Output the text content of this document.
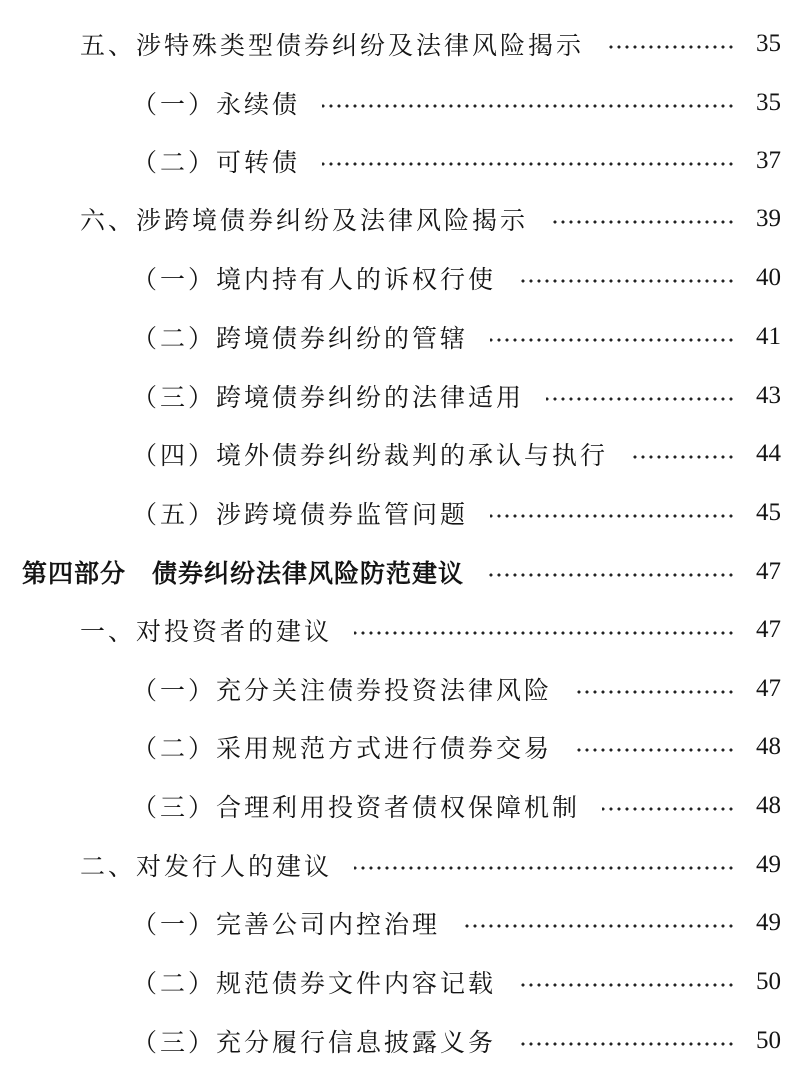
五、涉特殊类型债券纠纷及法律风险揭示	35
（一）永续债	35
（二）可转债	37
六、涉跨境债券纠纷及法律风险揭示	39
（一）境内持有人的诉权行使	40
（二）跨境债券纠纷的管辖	41
（三）跨境债券纠纷的法律适用	43
（四）境外债券纠纷裁判的承认与执行	44
（五）涉跨境债券监管问题	45
第四部分 债券纠纷法律风险防范建议	47
一、对投资者的建议	47
（一）充分关注债券投资法律风险	47
（二）采用规范方式进行债券交易	48
（三）合理利用投资者债权保障机制	48
二、对发行人的建议	49
（一）完善公司内控治理	49
（二）规范债券文件内容记载	50
（三）充分履行信息披露义务	50
